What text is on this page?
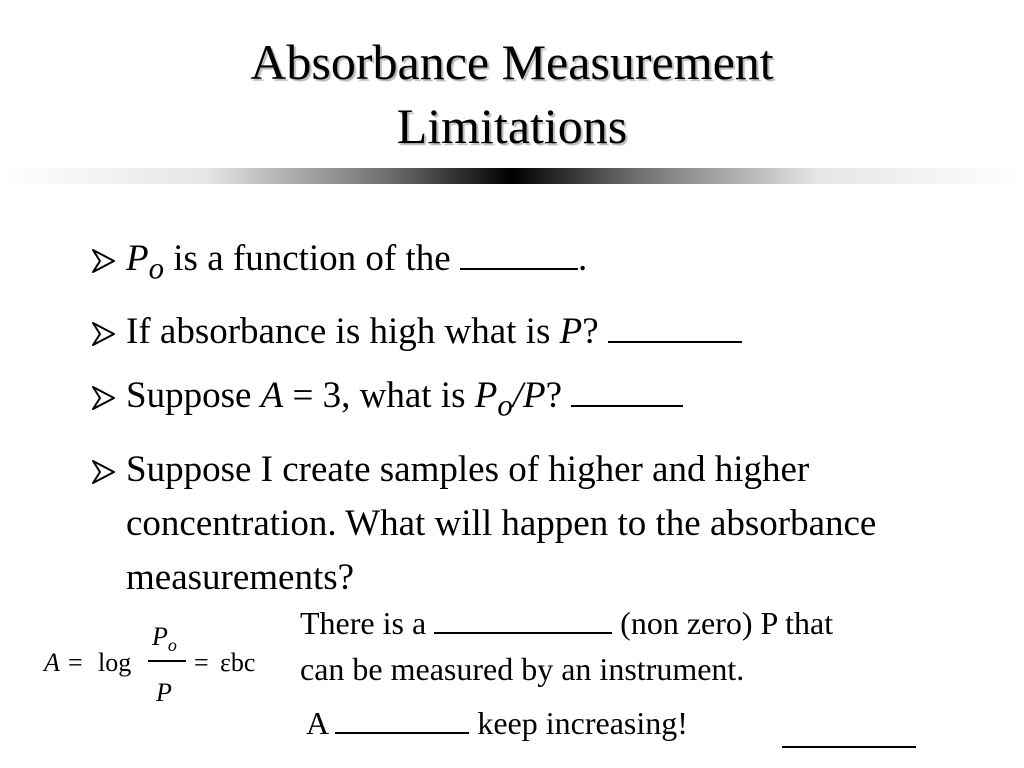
Absorbance Measurement
Limitations
$P_o$ is a function of the	.
If absorbance is high what is P?
Suppose A = 3, what is $P_o/P$?
Suppose I create samples of higher and higher concentration. What will happen to the absorbance measurements?
A = log
$P_o$
P
= εbc
There is a	(non zero) P that
can be measured by an instrument.
A	keep increasing!
